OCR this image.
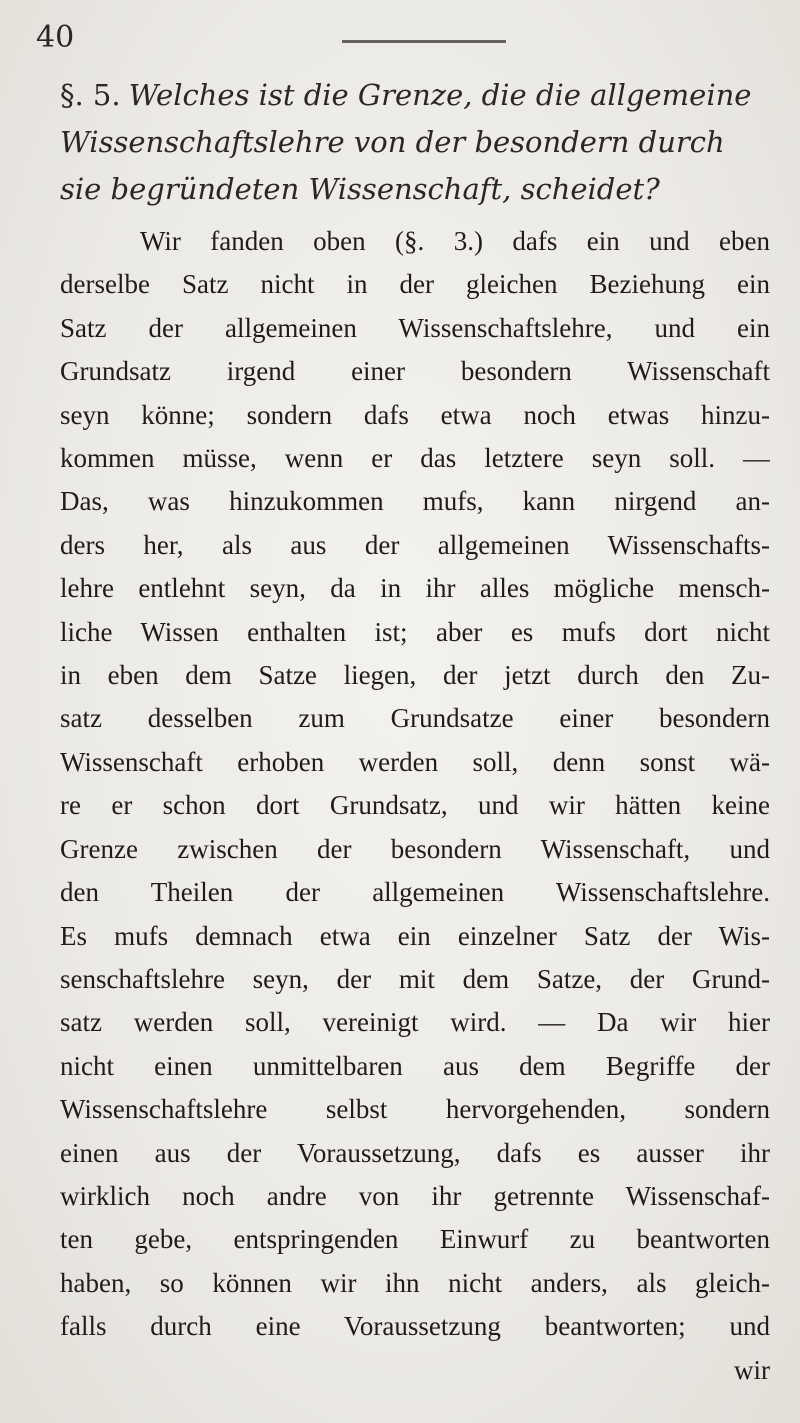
40
§. 5. Welches ist die Grenze, die die allgemeine Wissenschaftslehre von der besondern durch sie begründeten Wissenschaft, scheidet?
Wir fanden oben (§. 3.) dafs ein und eben
derselbe Satz nicht in der gleichen Beziehung ein
Satz der allgemeinen Wissenschaftslehre, und ein
Grundsatz irgend einer besondern Wissenschaft
seyn könne; sondern dafs etwa noch etwas hinzu-
kommen müsse, wenn er das letztere seyn soll. —
Das, was hinzukommen mufs, kann nirgend an-
ders her, als aus der allgemeinen Wissenschafts-
lehre entlehnt seyn, da in ihr alles mögliche mensch-
liche Wissen enthalten ist; aber es mufs dort nicht
in eben dem Satze liegen, der jetzt durch den Zu-
satz desselben zum Grundsatze einer besondern
Wissenschaft erhoben werden soll, denn sonst wä-
re er schon dort Grundsatz, und wir hätten keine
Grenze zwischen der besondern Wissenschaft, und
den Theilen der allgemeinen Wissenschaftslehre.
Es mufs demnach etwa ein einzelner Satz der Wis-
senschaftslehre seyn, der mit dem Satze, der Grund-
satz werden soll, vereinigt wird. — Da wir hier
nicht einen unmittelbaren aus dem Begriffe der
Wissenschaftslehre selbst hervorgehenden, sondern
einen aus der Voraussetzung, dafs es ausser ihr
wirklich noch andre von ihr getrennte Wissenschaf-
ten gebe, entspringenden Einwurf zu beantworten
haben, so können wir ihn nicht anders, als gleich-
falls durch eine Voraussetzung beantworten; und
wir
